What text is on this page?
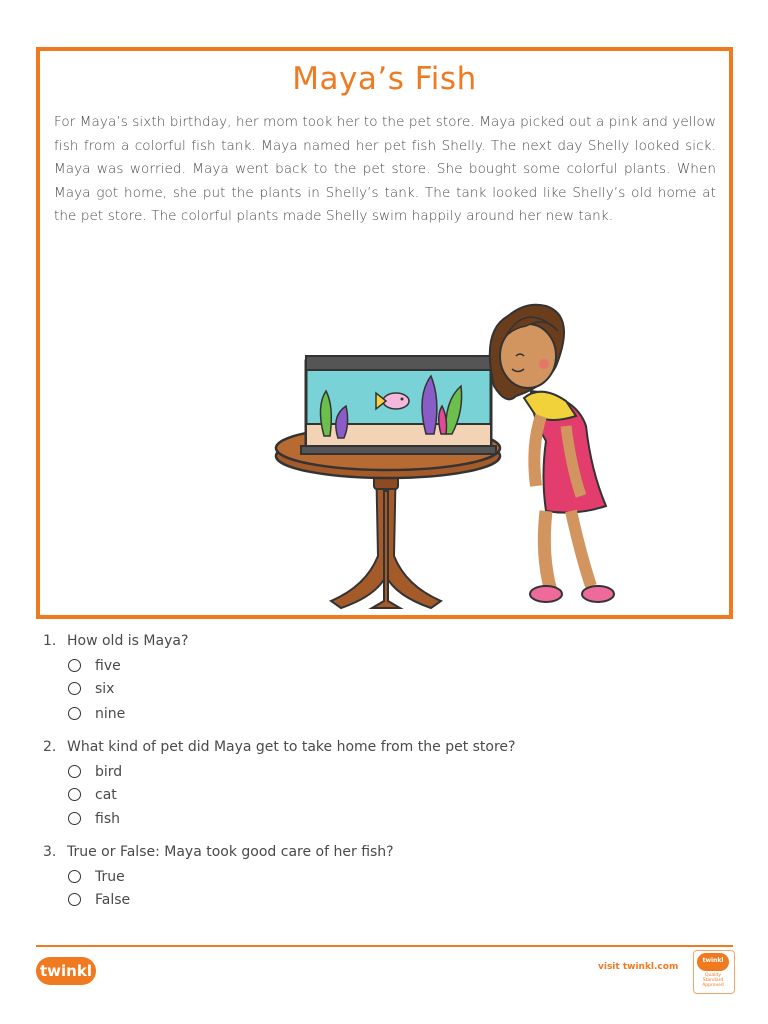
Maya’s Fish
For Maya’s sixth birthday, her mom took her to the pet store. Maya picked out a pink and yellow fish from a colorful fish tank. Maya named her pet fish Shelly. The next day Shelly looked sick. Maya was worried. Maya went back to the pet store. She bought some colorful plants. When Maya got home, she put the plants in Shelly’s tank. The tank looked like Shelly’s old home at the pet store. The colorful plants made Shelly swim happily around her new tank.
1. How old is Maya?
five
six
nine
2. What kind of pet did Maya get to take home from the pet store?
bird
cat
fish
3. True or False: Maya took good care of her fish?
True
False
twinkl	visit twinkl.com
twinkl
Quality Standard
Approved
